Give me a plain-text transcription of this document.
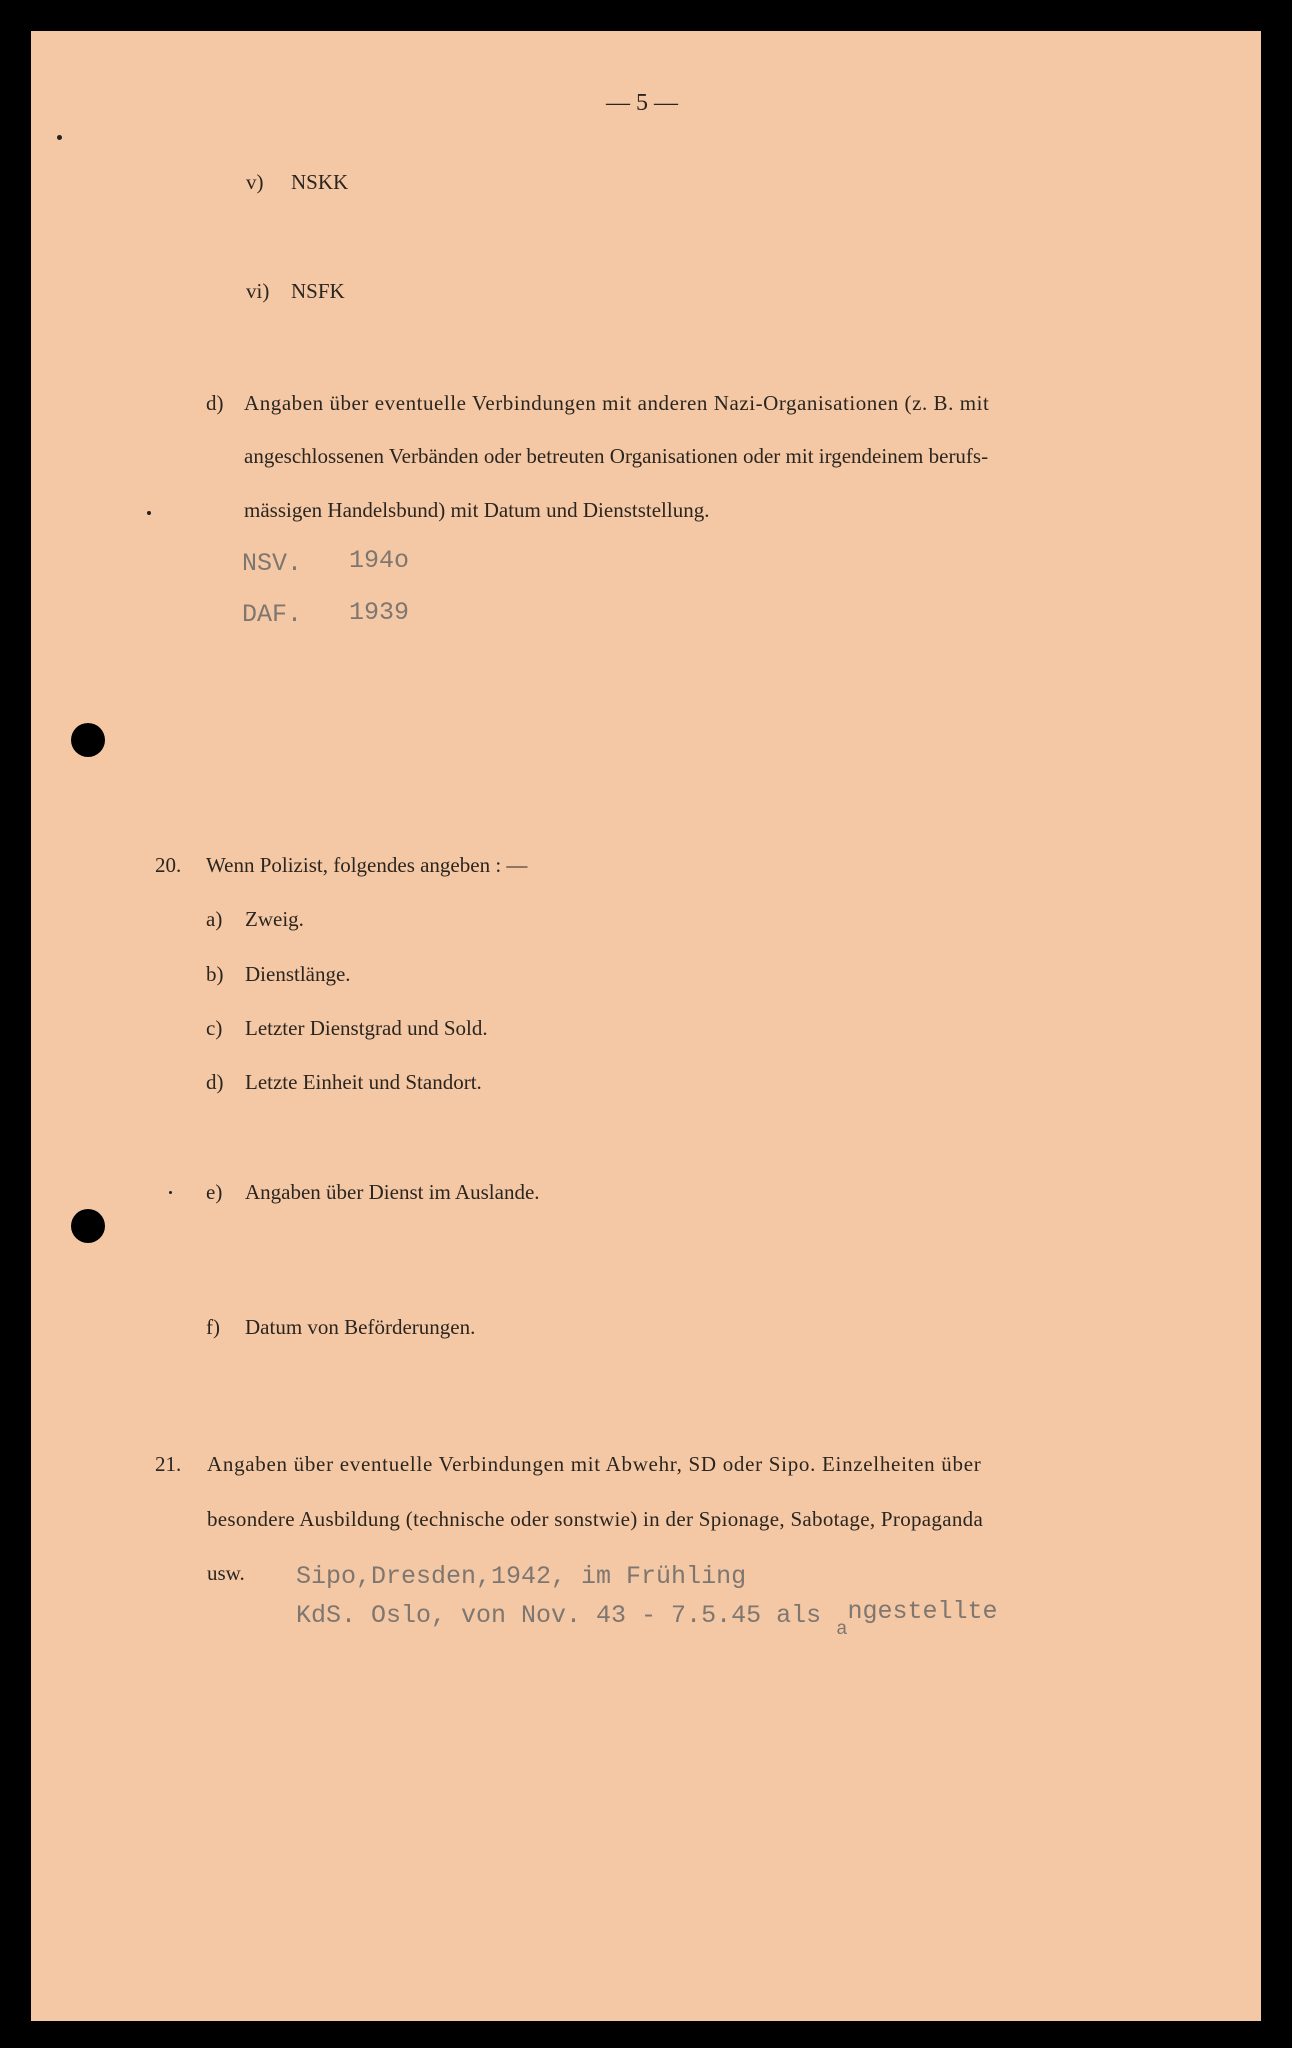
— 5 —
v) NSKK
vi) NSFK
d) Angaben über eventuelle Verbindungen mit anderen Nazi-Organisationen (z. B. mit
angeschlossenen Verbänden oder betreuten Organisationen oder mit irgendeinem berufs-
mässigen Handelsbund) mit Datum und Dienststellung.
NSV. 194o
DAF. 1939
20. Wenn Polizist, folgendes angeben : —
a) Zweig.
b) Dienstlänge.
c) Letzter Dienstgrad und Sold.
d) Letzte Einheit und Standort.
e) Angaben über Dienst im Auslande.
f) Datum von Beförderungen.
21. Angaben über eventuelle Verbindungen mit Abwehr, SD oder Sipo. Einzelheiten über
besondere Ausbildung (technische oder sonstwie) in der Spionage, Sabotage, Propaganda
usw. Sipo,Dresden,1942, im Frühling
KdS. Oslo, von Nov. 43 - 7.5.45 als $_a$ngestellte
